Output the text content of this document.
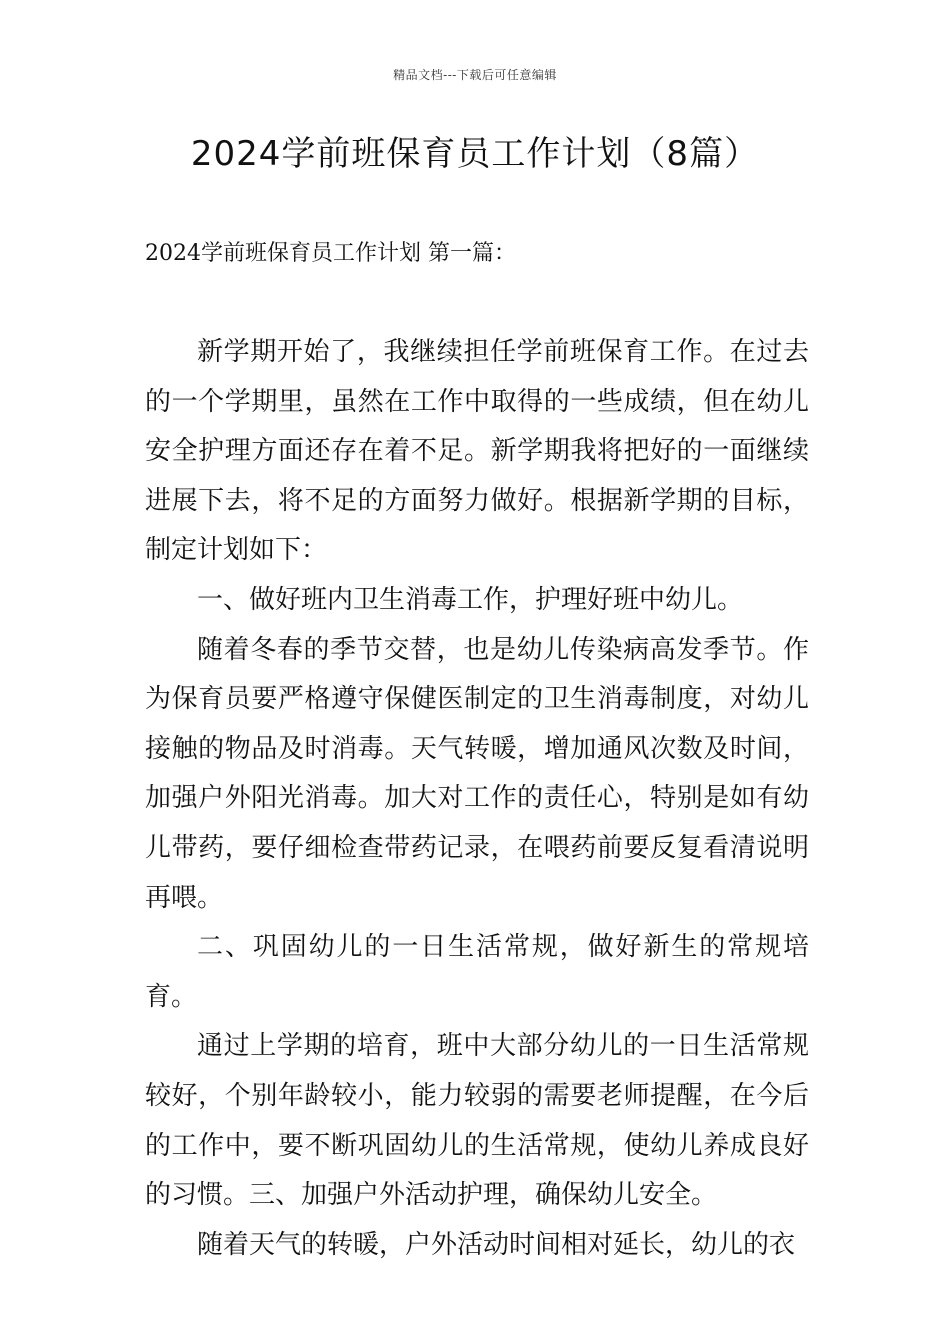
精品文档---下载后可任意编辑
2024学前班保育员工作计划（8篇）

2024学前班保育员工作计划 第一篇：

新学期开始了，我继续担任学前班保育工作。在过去的一个学期里，虽然在工作中取得的一些成绩，但在幼儿安全护理方面还存在着不足。新学期我将把好的一面继续进展下去，将不足的方面努力做好。根据新学期的目标，制定计划如下：

一、做好班内卫生消毒工作，护理好班中幼儿。

随着冬春的季节交替，也是幼儿传染病高发季节。作为保育员要严格遵守保健医制定的卫生消毒制度，对幼儿接触的物品及时消毒。天气转暖，增加通风次数及时间，加强户外阳光消毒。加大对工作的责任心，特别是如有幼儿带药，要仔细检查带药记录，在喂药前要反复看清说明再喂。

二、巩固幼儿的一日生活常规，做好新生的常规培育。

通过上学期的培育，班中大部分幼儿的一日生活常规较好，个别年龄较小，能力较弱的需要老师提醒，在今后的工作中，要不断巩固幼儿的生活常规，使幼儿养成良好的习惯。三、加强户外活动护理，确保幼儿安全。

随着天气的转暖，户外活动时间相对延长，幼儿的衣
